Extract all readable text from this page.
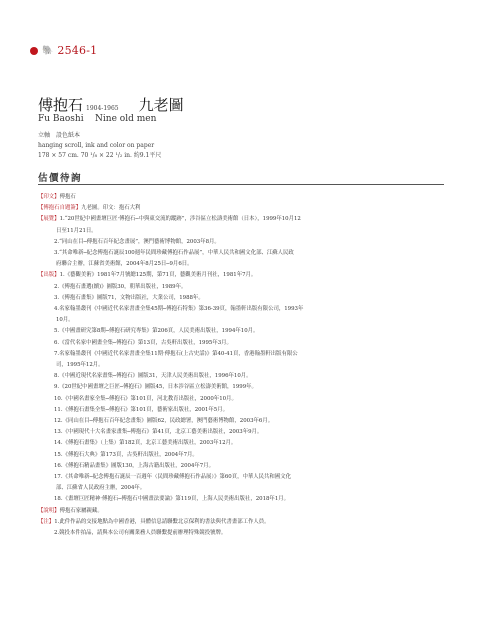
🐘 2546-1
傅抱石 1904-1965 九老圖
Fu Baoshi Nine old men
立軸　設色紙本
hanging scroll, ink and color on paper
178 × 57 cm. 70 ¹/₈ × 22 ¹/₂ in. 約9.1平尺
估價待詢
【印文】傅抱石
【傅抱石自題簽】九老圖。印文：抱石大利
【展覽】1.“20世紀中國畫壇巨匠·傅抱石─中與東交流的蹤跡”，涉谷區立松濤美術館（日本），1999年10月12
日至11月21日。
2.“同山在目─傅抱石百年紀念畫展”，澳門藝術博物館，2003年8月。
3.“其命唯新─紀念傅抱石誕辰100週年民間珍藏傅抱石作品展”，中華人民共和國文化部、江蘇人民政
府聯合主辦，江蘇省美術館，2004年8月25日─9月6日。
【出版】1.《藝觀美術》1981年7月號總125期，第71頁，藝觀美術月刊社，1981年7月。
2.《傅抱石畫選(續)》圖版30，朝華出版社，1989年。
3.《傅抱石畫集》圖版71，文物出版社，大業公司，1988年。
4.名家翰墨叢刊《中國近代名家書畫全集45期─傅抱石特集》第36-39頁，翰墨軒出版有限公司，1993年
10月。
5.《中國畫研究第8期─傅抱石研究專集》第206頁，人民美術出版社，1994年10月。
6.《當代名家中國畫全集─傅抱石》第13頁，古吳軒出版社，1995年3月。
7.名家翰墨叢刊《中國近代名家書畫全集11期·傅抱石(上古史話)》第40-41頁，香港翰墨軒出版有限公
司，1995年12月。
8.《中國近現代名家畫集─傅抱石》圖版31，天津人民美術出版社，1996年10月。
9.《20世紀中國畫壇之巨匠─傅抱石》圖版45，日本涉谷區立松濤美術館，1999年。
10.《中國名畫家全集─傅抱石》第101頁，河北教育出版社，2000年10月。
11.《傅抱石畫集全集─傅抱石》第101頁，藝術家出版社，2001年5月。
12.《同山在目─傅抱石百年紀念畫集》圖版62，民政總署，澳門藝術博物館，2003年6月。
13.《中國現代十大名畫家畫集─傅抱石》第41頁，北京工藝美術出版社，2003年9月。
14.《傅抱石畫集》（上集）第182頁，北京工藝美術出版社，2003年12月。
15.《傅抱石大典》第173頁，古吳軒出版社，2004年7月。
16.《傅抱石精品畫集》圖版130，上海古籍出版社，2004年7月。
17.《其命唯新─紀念傅抱石誕辰一百週年（民間珍藏傅抱石作品展）》第60頁，中華人民共和國文化
部、江蘇省人民政府主辦，2004年。
18.《畫壇巨匠精神·傅抱石─傅抱石中國畫法要論》第119頁，上海人民美術出版社，2018年1月。
【說明】傅抱石家屬親藏。
【注】1.此件作品的交接地點為中國香港，具體信息請聯繫北京保利的書法與代書畫部工作人員。
2.競投本件拍品，請與本公司有關業務人員聯繫提前辦理特殊競投號牌。
